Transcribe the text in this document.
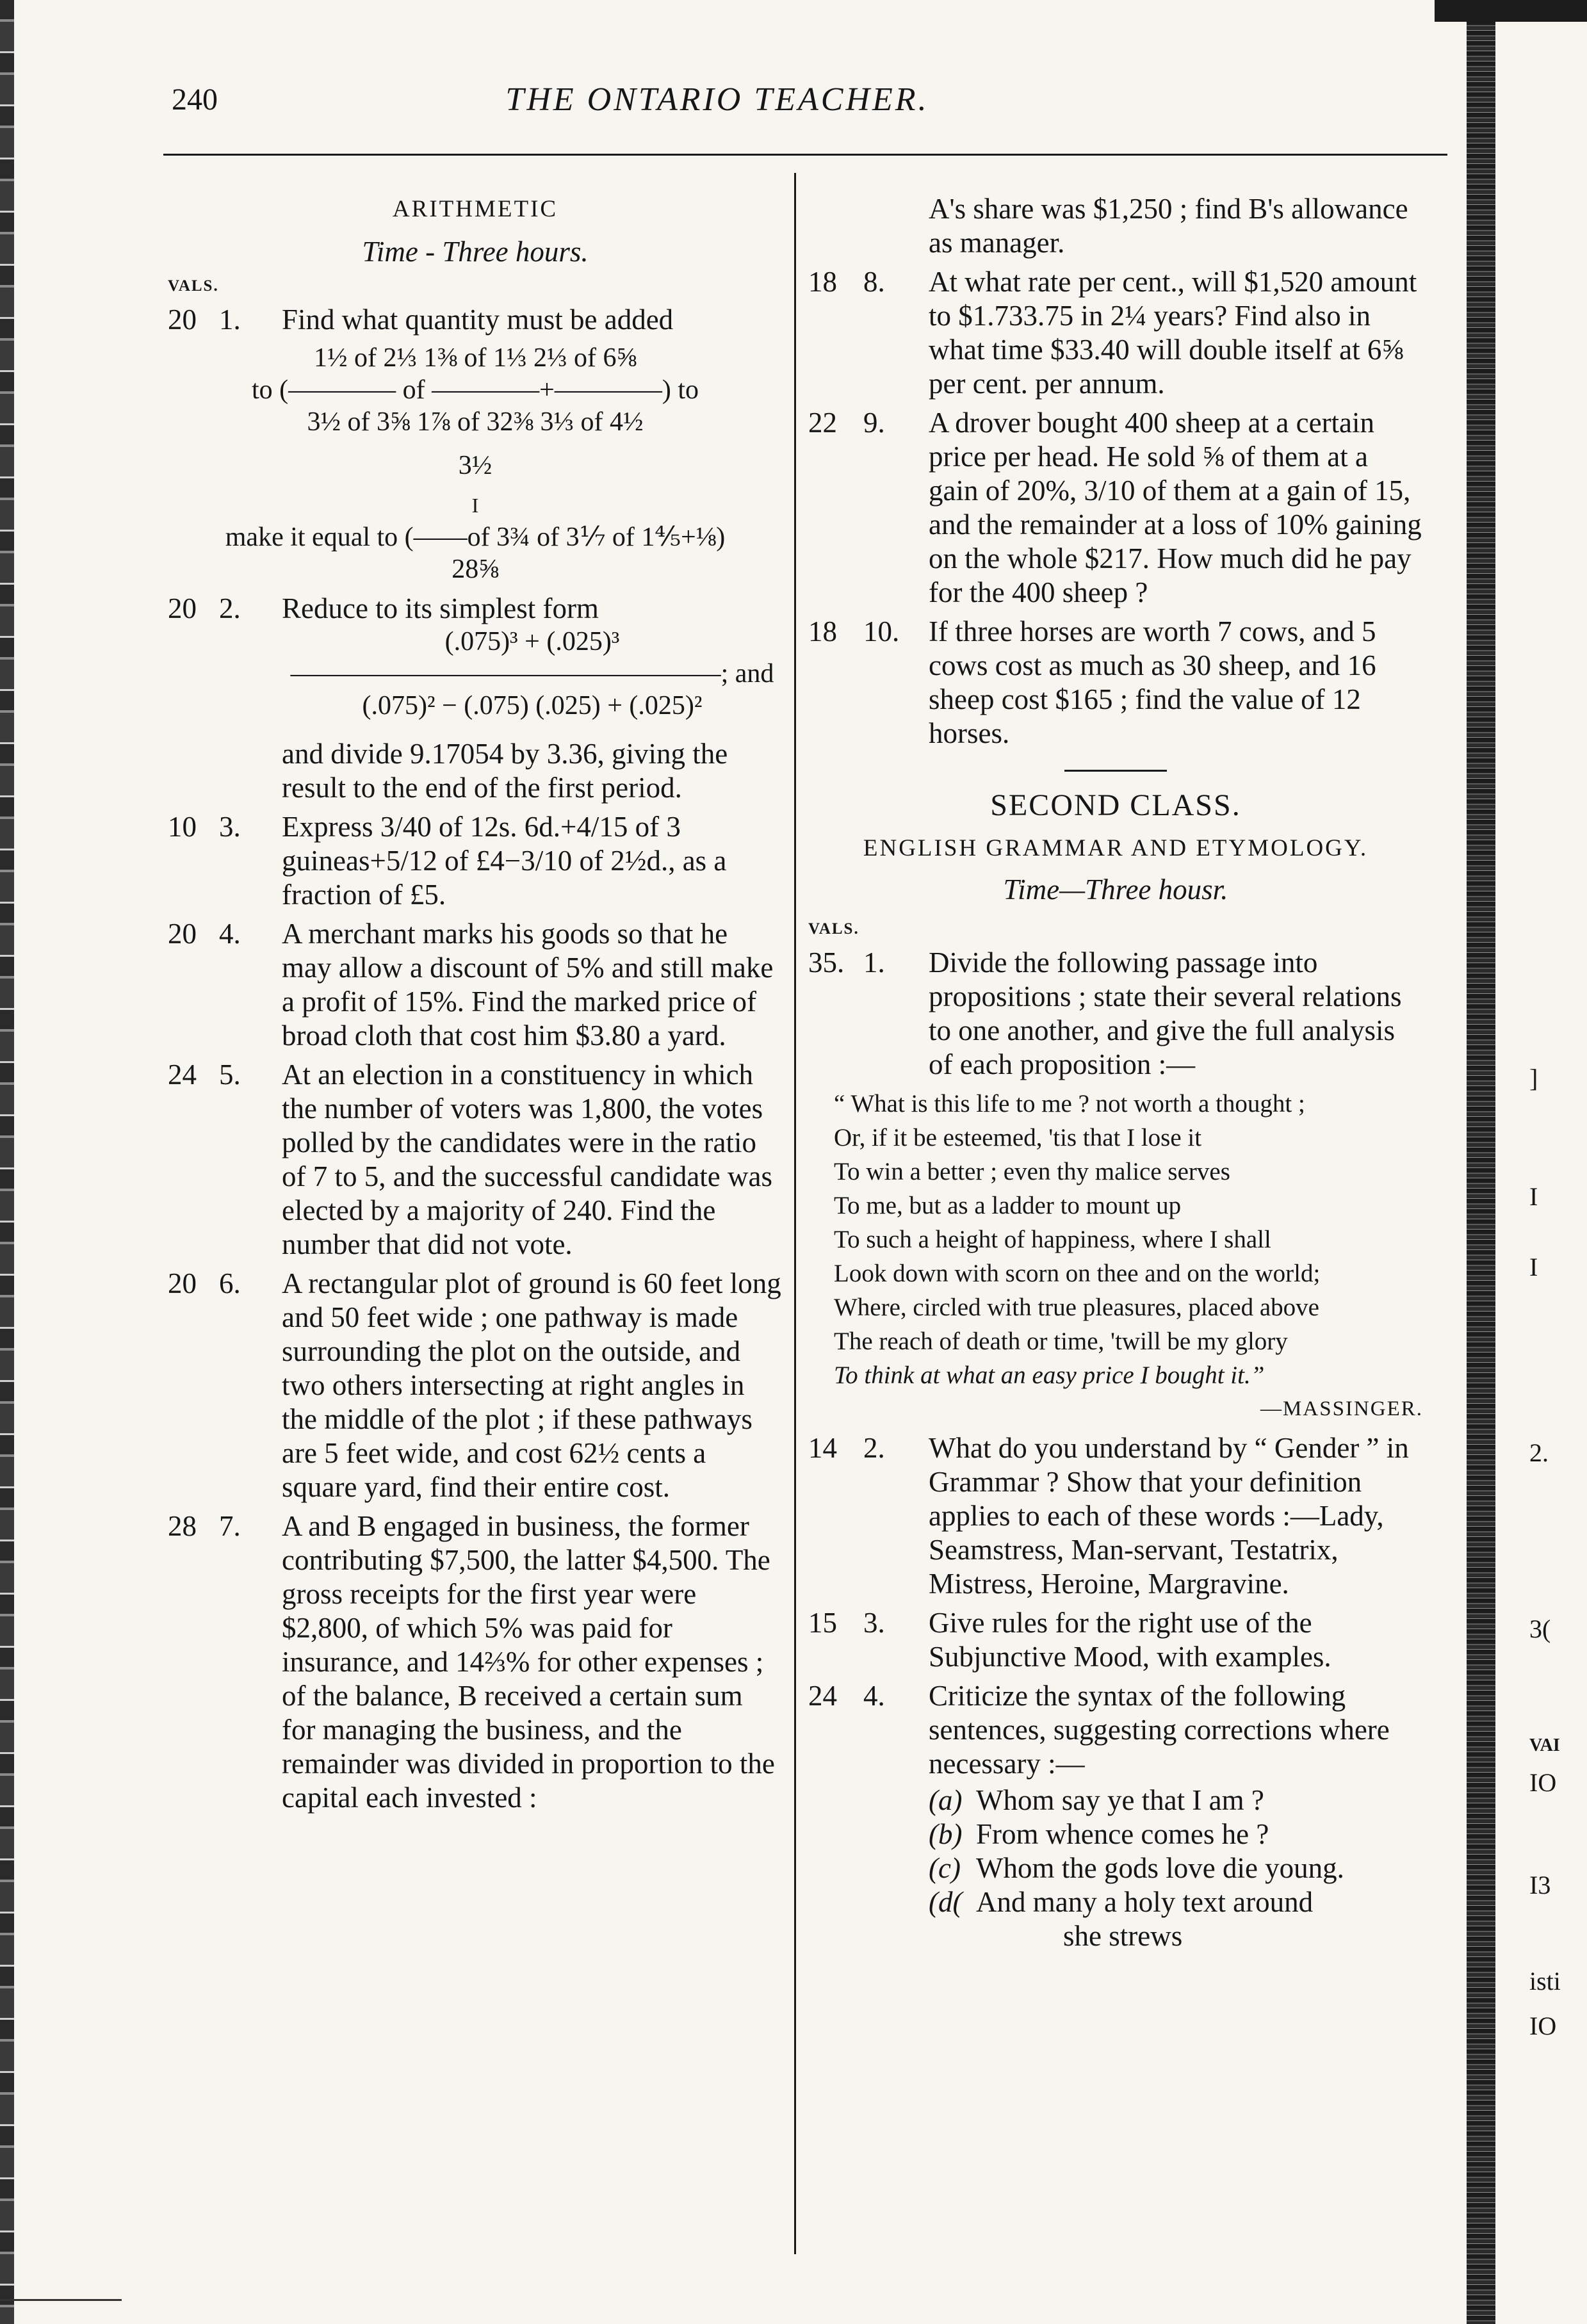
240	THE ONTARIO TEACHER.

ARITHMETIC

Time - Three hours.

VALS.

20 1. Find what quantity must be added

1½ of 2⅓ 1⅜ of 1⅓ 2⅓ of 6⅝

to (———— of ————+————) to

3½ of 3⅝ 1⅞ of 32⅜ 3⅓ of 4½

3½

I

make it equal to (——of 3¾ of 3⅐ of 1⅘+⅛)

28⅝

20 2. Reduce to its simplest form

(.075)³ + (.025)³

————————————————; and

(.075)² − (.075) (.025) + (.025)²

and divide 9.17054 by 3.36, giving the result to the end of the first period.

10 3. Express 3/40 of 12s. 6d.+4/15 of 3 guineas+5/12 of £4−3/10 of 2½d., as a fraction of £5.

20 4. A merchant marks his goods so that he may allow a discount of 5% and still make a profit of 15%. Find the marked price of broad cloth that cost him $3.80 a yard.

24 5. At an election in a constituency in which the number of voters was 1,800, the votes polled by the candidates were in the ratio of 7 to 5, and the successful candidate was elected by a majority of 240. Find the number that did not vote.

20 6. A rectangular plot of ground is 60 feet long and 50 feet wide ; one pathway is made surrounding the plot on the outside, and two others intersecting at right angles in the middle of the plot ; if these pathways are 5 feet wide, and cost 62½ cents a square yard, find their entire cost.

28 7. A and B engaged in business, the former contributing $7,500, the latter $4,500. The gross receipts for the first year were $2,800, of which 5% was paid for insurance, and 14⅔% for other expenses ; of the balance, B received a certain sum for managing the business, and the remainder was divided in proportion to the capital each invested :

A's share was $1,250 ; find B's allowance as manager.

18 8. At what rate per cent., will $1,520 amount to $1.733.75 in 2¼ years? Find also in what time $33.40 will double itself at 6⅝ per cent. per annum.

22 9. A drover bought 400 sheep at a certain price per head. He sold ⅝ of them at a gain of 20%, 3/10 of them at a gain of 15, and the remainder at a loss of 10% gaining on the whole $217. How much did he pay for the 400 sheep ?

18 10. If three horses are worth 7 cows, and 5 cows cost as much as 30 sheep, and 16 sheep cost $165 ; find the value of 12 horses.

SECOND CLASS.

ENGLISH GRAMMAR AND ETYMOLOGY.

Time—Three housr.

VALS.

35. 1. Divide the following passage into propositions ; state their several relations to one another, and give the full analysis of each proposition :—

“ What is this life to me ? not worth a thought ;

Or, if it be esteemed, 'tis that I lose it

To win a better ; even thy malice serves

To me, but as a ladder to mount up

To such a height of happiness, where I shall

Look down with scorn on thee and on the world;

Where, circled with true pleasures, placed above

The reach of death or time, 'twill be my glory

To think at what an easy price I bought it.”

—MASSINGER.

14 2. What do you understand by “ Gender ” in Grammar ? Show that your definition applies to each of these words :—Lady, Seamstress, Man-servant, Testatrix, Mistress, Heroine, Margravine.

15 3. Give rules for the right use of the Subjunctive Mood, with examples.

24 4. Criticize the syntax of the following sentences, suggesting corrections where necessary :—

(a) Whom say ye that I am ?

(b) From whence comes he ?

(c) Whom the gods love die young.

(d( And many a holy text around

she strews

]
I
I
2.
3(
VAI
IO
I3
isti
IO
